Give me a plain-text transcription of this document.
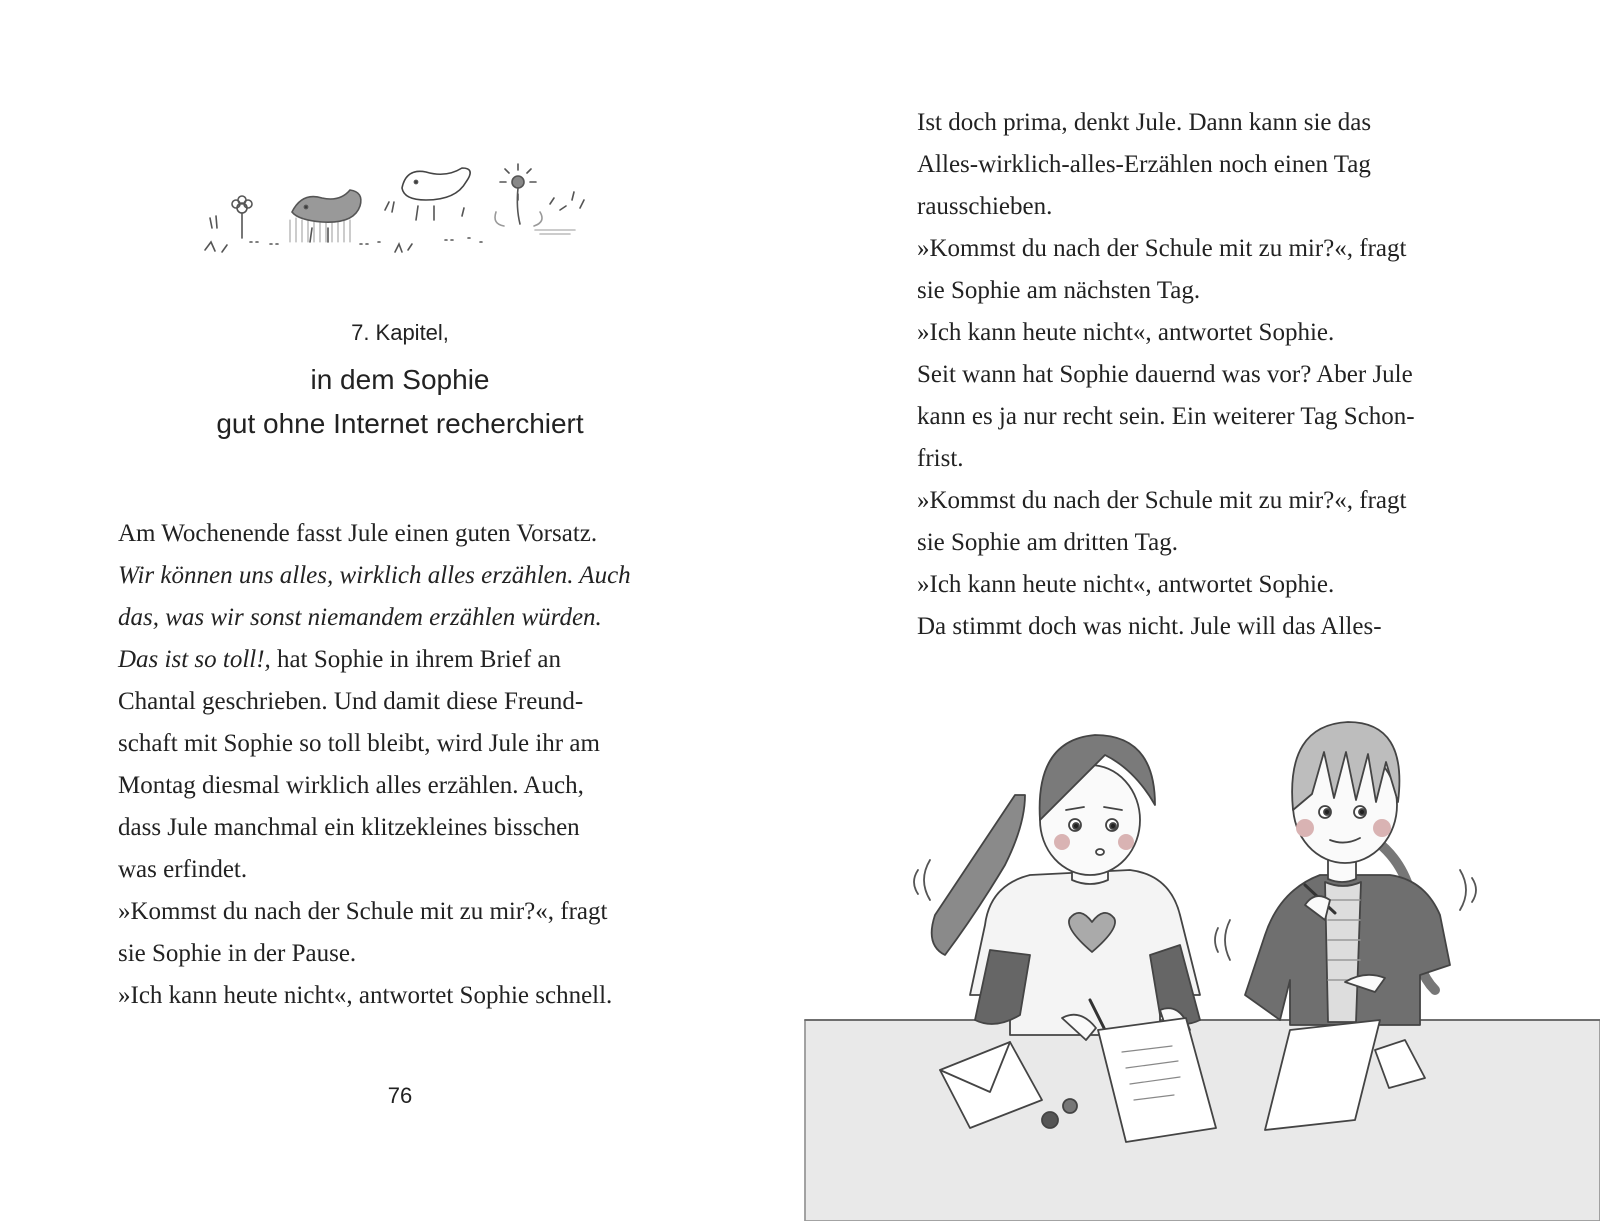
7. Kapitel,
in dem Sophie
gut ohne Internet recherchiert
Am Wochenende fasst Jule einen guten Vorsatz.
Wir können uns alles, wirklich alles erzählen. Auch
das, was wir sonst niemandem erzählen würden.
Das ist so toll!, hat Sophie in ihrem Brief an
Chantal geschrieben. Und damit diese Freund-
schaft mit Sophie so toll bleibt, wird Jule ihr am
Montag diesmal wirklich alles erzählen. Auch,
dass Jule manchmal ein klitzekleines bisschen
was erfindet.
»Kommst du nach der Schule mit zu mir?«, fragt
sie Sophie in der Pause.
»Ich kann heute nicht«, antwortet Sophie schnell.
76
Ist doch prima, denkt Jule. Dann kann sie das
Alles-wirklich-alles-Erzählen noch einen Tag
rausschieben.
»Kommst du nach der Schule mit zu mir?«, fragt
sie Sophie am nächsten Tag.
»Ich kann heute nicht«, antwortet Sophie.
Seit wann hat Sophie dauernd was vor? Aber Jule
kann es ja nur recht sein. Ein weiterer Tag Schon-
frist.
»Kommst du nach der Schule mit zu mir?«, fragt
sie Sophie am dritten Tag.
»Ich kann heute nicht«, antwortet Sophie.
Da stimmt doch was nicht. Jule will das Alles-
